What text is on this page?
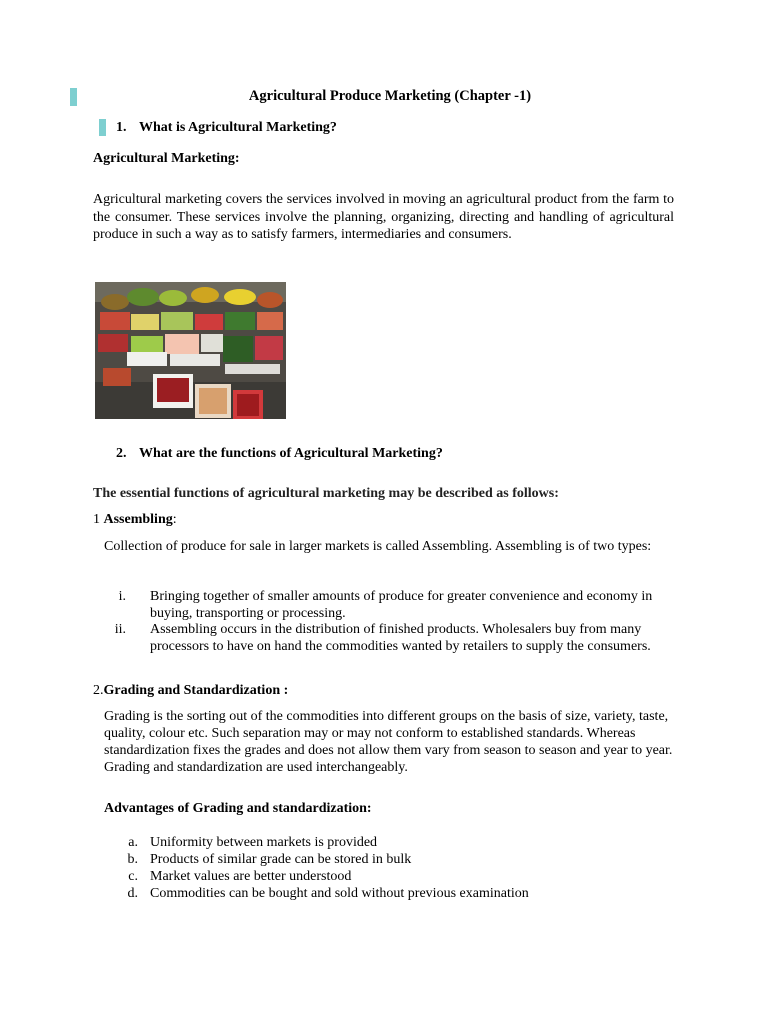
Agricultural Produce Marketing (Chapter -1)
1. What is Agricultural Marketing?
Agricultural Marketing:
Agricultural marketing covers the services involved in moving an agricultural product from the farm to the consumer. These services involve the planning, organizing, directing and handling of agricultural produce in such a way as to satisfy farmers, intermediaries and consumers.
2. What are the functions of Agricultural Marketing?
The essential functions of agricultural marketing may be described as follows:
1 Assembling:
Collection of produce for sale in larger markets is called Assembling. Assembling is of two types:
i. Bringing together of smaller amounts of produce for greater convenience and economy in buying, transporting or processing.
ii. Assembling occurs in the distribution of finished products. Wholesalers buy from many processors to have on hand the commodities wanted by retailers to supply the consumers.
2.Grading and Standardization :
Grading is the sorting out of the commodities into different groups on the basis of size, variety, taste, quality, colour etc. Such separation may or may not conform to established standards. Whereas standardization fixes the grades and does not allow them vary from season to season and year to year. Grading and standardization are used interchangeably.
Advantages of Grading and standardization:
a. Uniformity between markets is provided
b. Products of similar grade can be stored in bulk
c. Market values are better understood
d. Commodities can be bought and sold without previous examination
